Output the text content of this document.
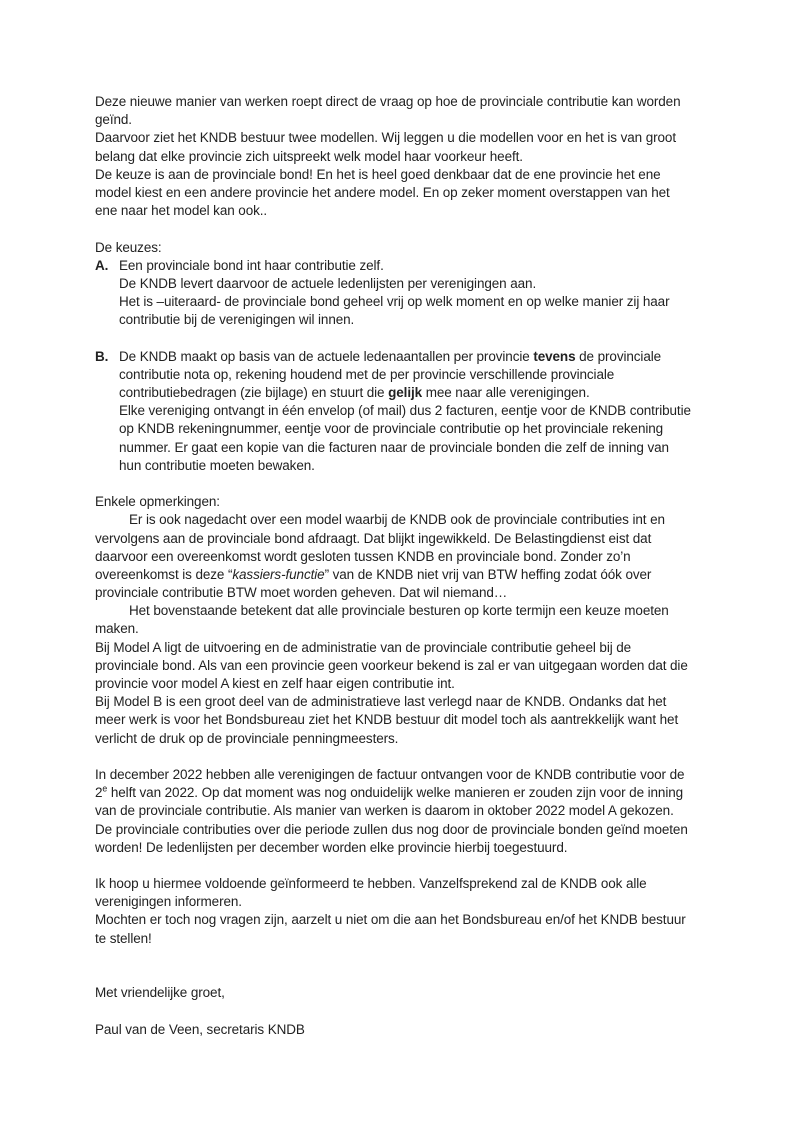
Deze nieuwe manier van werken roept direct de vraag op hoe de provinciale contributie kan worden
geïnd.
Daarvoor ziet het KNDB bestuur twee modellen. Wij leggen u die modellen voor en het is van groot
belang dat elke provincie zich uitspreekt welk model haar voorkeur heeft.
De keuze is aan de provinciale bond! En het is heel goed denkbaar dat de ene provincie het ene
model kiest en een andere provincie het andere model. En op zeker moment overstappen van het
ene naar het model kan ook..

De keuzes:
A. Een provinciale bond int haar contributie zelf.
De KNDB levert daarvoor de actuele ledenlijsten per verenigingen aan.
Het is –uiteraard- de provinciale bond geheel vrij op welk moment en op welke manier zij haar
contributie bij de verenigingen wil innen.

B. De KNDB maakt op basis van de actuele ledenaantallen per provincie tevens de provinciale
contributie nota op, rekening houdend met de per provincie verschillende provinciale
contributiebedragen (zie bijlage) en stuurt die gelijk mee naar alle verenigingen.
Elke vereniging ontvangt in één envelop (of mail) dus 2 facturen, eentje voor de KNDB contributie
op KNDB rekeningnummer, eentje voor de provinciale contributie op het provinciale rekening
nummer. Er gaat een kopie van die facturen naar de provinciale bonden die zelf de inning van
hun contributie moeten bewaken.

Enkele opmerkingen:
Er is ook nagedacht over een model waarbij de KNDB ook de provinciale contributies int en
vervolgens aan de provinciale bond afdraagt. Dat blijkt ingewikkeld. De Belastingdienst eist dat
daarvoor een overeenkomst wordt gesloten tussen KNDB en provinciale bond. Zonder zo’n
overeenkomst is deze “kassiers-functie” van de KNDB niet vrij van BTW heffing zodat óók over
provinciale contributie BTW moet worden geheven. Dat wil niemand…
Het bovenstaande betekent dat alle provinciale besturen op korte termijn een keuze moeten
maken.
Bij Model A ligt de uitvoering en de administratie van de provinciale contributie geheel bij de
provinciale bond. Als van een provincie geen voorkeur bekend is zal er van uitgegaan worden dat die
provincie voor model A kiest en zelf haar eigen contributie int.
Bij Model B is een groot deel van de administratieve last verlegd naar de KNDB. Ondanks dat het
meer werk is voor het Bondsbureau ziet het KNDB bestuur dit model toch als aantrekkelijk want het
verlicht de druk op de provinciale penningmeesters.

In december 2022 hebben alle verenigingen de factuur ontvangen voor de KNDB contributie voor de
2e helft van 2022. Op dat moment was nog onduidelijk welke manieren er zouden zijn voor de inning
van de provinciale contributie. Als manier van werken is daarom in oktober 2022 model A gekozen.
De provinciale contributies over die periode zullen dus nog door de provinciale bonden geïnd moeten
worden! De ledenlijsten per december worden elke provincie hierbij toegestuurd.

Ik hoop u hiermee voldoende geïnformeerd te hebben. Vanzelfsprekend zal de KNDB ook alle
verenigingen informeren.
Mochten er toch nog vragen zijn, aarzelt u niet om die aan het Bondsbureau en/of het KNDB bestuur
te stellen!

Met vriendelijke groet,

Paul van de Veen, secretaris KNDB
